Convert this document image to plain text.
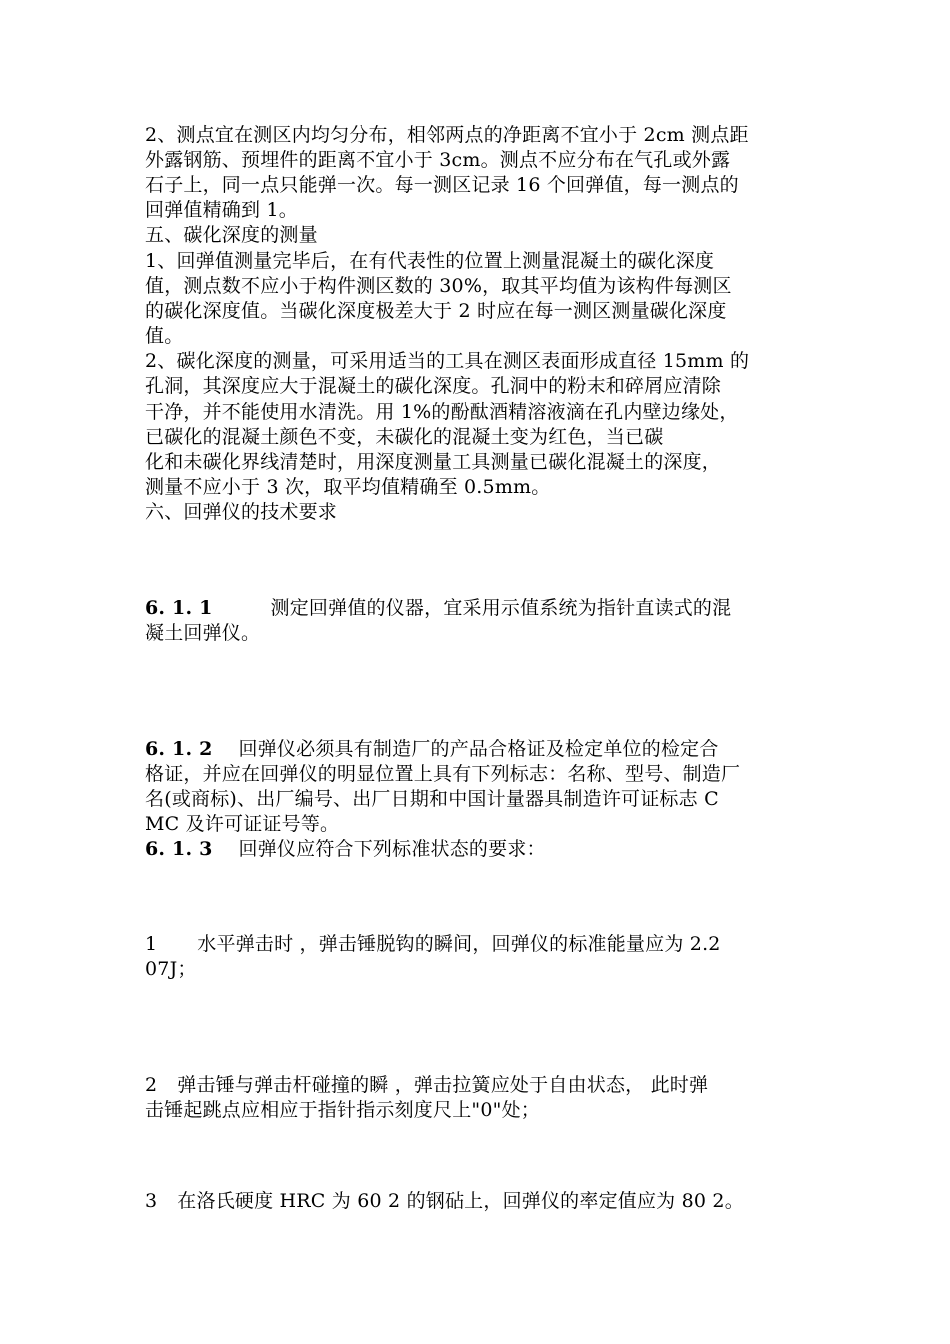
2、测点宜在测区内均匀分布，相邻两点的净距离不宜小于 2cm 测点距
外露钢筋、预埋件的距离不宜小于 3cm。测点不应分布在气孔或外露
石子上，同一点只能弹一次。每一测区记录 16 个回弹值，每一测点的
回弹值精确到 1。
五、碳化深度的测量
1、回弹值测量完毕后，在有代表性的位置上测量混凝土的碳化深度
值，测点数不应小于构件测区数的 30%，取其平均值为该构件每测区
的碳化深度值。当碳化深度极差大于 2 时应在每一测区测量碳化深度
值。
2、碳化深度的测量，可采用适当的工具在测区表面形成直径 15mm 的
孔洞，其深度应大于混凝土的碳化深度。孔洞中的粉末和碎屑应清除
干净，并不能使用水清洗。用 1%的酚酞酒精溶液滴在孔内壁边缘处，
已碳化的混凝土颜色不变，未碳化的混凝土变为红色，当已碳
化和未碳化界线清楚时，用深度测量工具测量已碳化混凝土的深度，
测量不应小于 3 次，取平均值精确至 0.5mm。
六、回弹仪的技术要求
6. 1. 1	测定回弹值的仪器，宜采用示值系统为指针直读式的混
凝土回弹仪。
6. 1. 2 回弹仪必须具有制造厂的产品合格证及检定单位的检定合
格证，并应在回弹仪的明显位置上具有下列标志：名称、型号、制造厂
名(或商标)、出厂编号、出厂日期和中国计量器具制造许可证标志 C
MC 及许可证证号等。
6. 1. 3 回弹仪应符合下列标准状态的要求：
1 水平弹击时 ，弹击锤脱钩的瞬间，回弹仪的标准能量应为 2.2
07J；
2 弹击锤与弹击杆碰撞的瞬 ，弹击拉簧应处于自由状态， 此时弹
击锤起跳点应相应于指针指示刻度尺上"0"处；
3 在洛氏硬度 HRC 为 60 2 的钢砧上，回弹仪的率定值应为 80 2。
